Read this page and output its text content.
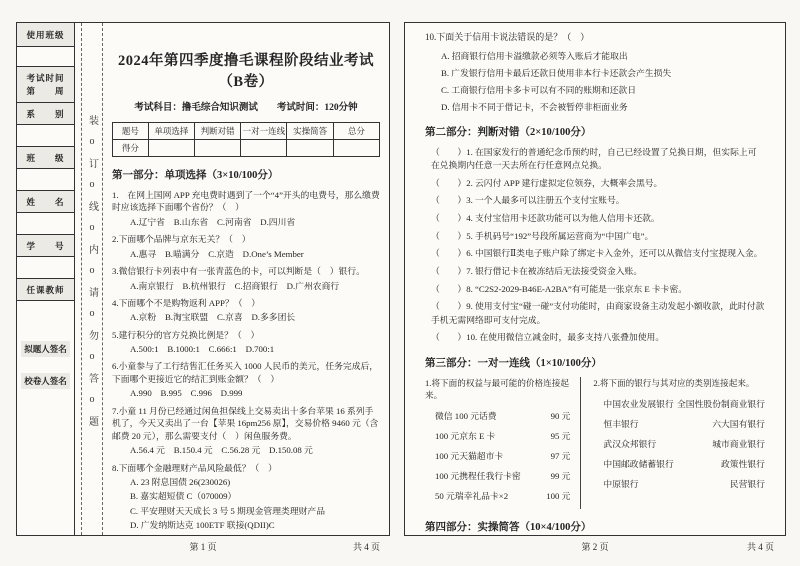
使用班级
考试时间
第　　周
系　　别
班　　级
姓　　名
学　　号
任课教师
拟题人签名
校卷人签名	装o订o线o内o请o勿o答o题
2024年第四季度撸毛课程阶段结业考试（B卷）
考试科目：撸毛综合知识测试　　考试时间：120分钟
题号	单项选择	判断对错	一对一连线	实操简答	总分
得分					
第一部分：单项选择（3×10/100分）
1.　在网上国网 APP 充电费时遇到了一个“4”开头的电费号，那么缴费时应该选择下面哪个省份？（　）
A.辽宁省　B.山东省　C.河南省　D.四川省
2.下面哪个品牌与京东无关？（　）
A.惠寻　B.喵满分　C.京造　D.One’s Member
3.微信银行卡列表中有一张青蓝色的卡，可以判断是（　）银行。
A.南京银行　B.杭州银行　C.招商银行　D.广州农商行
4.下面哪个不是购物返利 APP？（　）
A.京粉　B.淘宝联盟　C.京喜　D.多多团长
5.建行积分的官方兑换比例是？（　）
A.500:1　B.1000:1　C.666:1　D.700:1
6.小童参与了工行结售汇任务买入 1000 人民币的美元，任务完成后，下面哪个更接近它的结汇到账金额？（　）
A.990　B.995　C.996　D.999
7.小童 11 月份已经通过闲鱼担保线上交易卖出十多台苹果 16 系列手机了，今天又卖出了一台【苹果 16pm256 原】，交易价格 9460 元（含邮费 20 元），那么需要支付（　）闲鱼服务费。
A.56.4 元　B.150.4 元　C.56.28 元　D.150.08 元
8.下面哪个金融理财产品风险最低？（　）
A. 23 附息国债 26(230026)
B. 嘉实超短债 C（070009）
C. 平安理财天天成长 3 号 5 期现金管理类理财产品
D. 广发纳斯达克 100ETF 联接(QDII)C
10.下面关于信用卡说法错误的是？（　）
A. 招商银行信用卡溢缴款必须等入账后才能取出
B. 广发银行信用卡最后还款日使用非本行卡还款会产生损失
C. 工商银行信用卡多卡可以有不同的账期和还款日
D. 信用卡不同于借记卡，不会被暂停非柜面业务
第二部分：判断对错（2×10/100分）
（　　）1. 在国家发行的普通纪念币预约时，自己已经设置了兑换日期，但实际上可在兑换期内任意一天去所在行任意网点兑换。
（　　）2. 云闪付 APP 建行虚拟定位领券，大概率会黑号。
（　　）3. 一个人最多可以注册五个支付宝账号。
（　　）4. 支付宝信用卡还款功能可以为他人信用卡还款。
（　　）5. 手机码号“192”号段所属运营商为“中国广电”。
（　　）6. 中国银行Ⅱ类电子账户除了绑定卡入金外，还可以从微信支付宝提现入金。
（　　）7. 银行借记卡在被冻结后无法接受资金入账。
（　　）8. “C2S2-2029-B46E-A2BA”有可能是一张京东 E 卡卡密。
（　　）9. 使用支付宝“碰一碰”支付功能时，由商家设备主动发起小额收款，此时付款手机无需网络即可支付完成。
（　　）10. 在使用微信立减金时，最多支持八张叠加使用。
第三部分：一对一连线（1×10/100分）
1.将下面的权益与最可能的价格连接起来。
微信 100 元话费	90 元
100 元京东 E 卡	95 元
100 元天猫超市卡	97 元
100 元携程任我行卡密	99 元
50 元瑞幸礼品卡×2	100 元
2.将下面的银行与其对应的类别连接起来。
中国农业发展银行 全国性股份制商业银行
恒丰银行	六大国有银行
武汉众邦银行	城市商业银行
中国邮政储蓄银行	政策性银行
中原银行	民营银行
第四部分：实操简答（10×4/100分）
第 1 页	共 4 页	第 2 页	共 4 页
